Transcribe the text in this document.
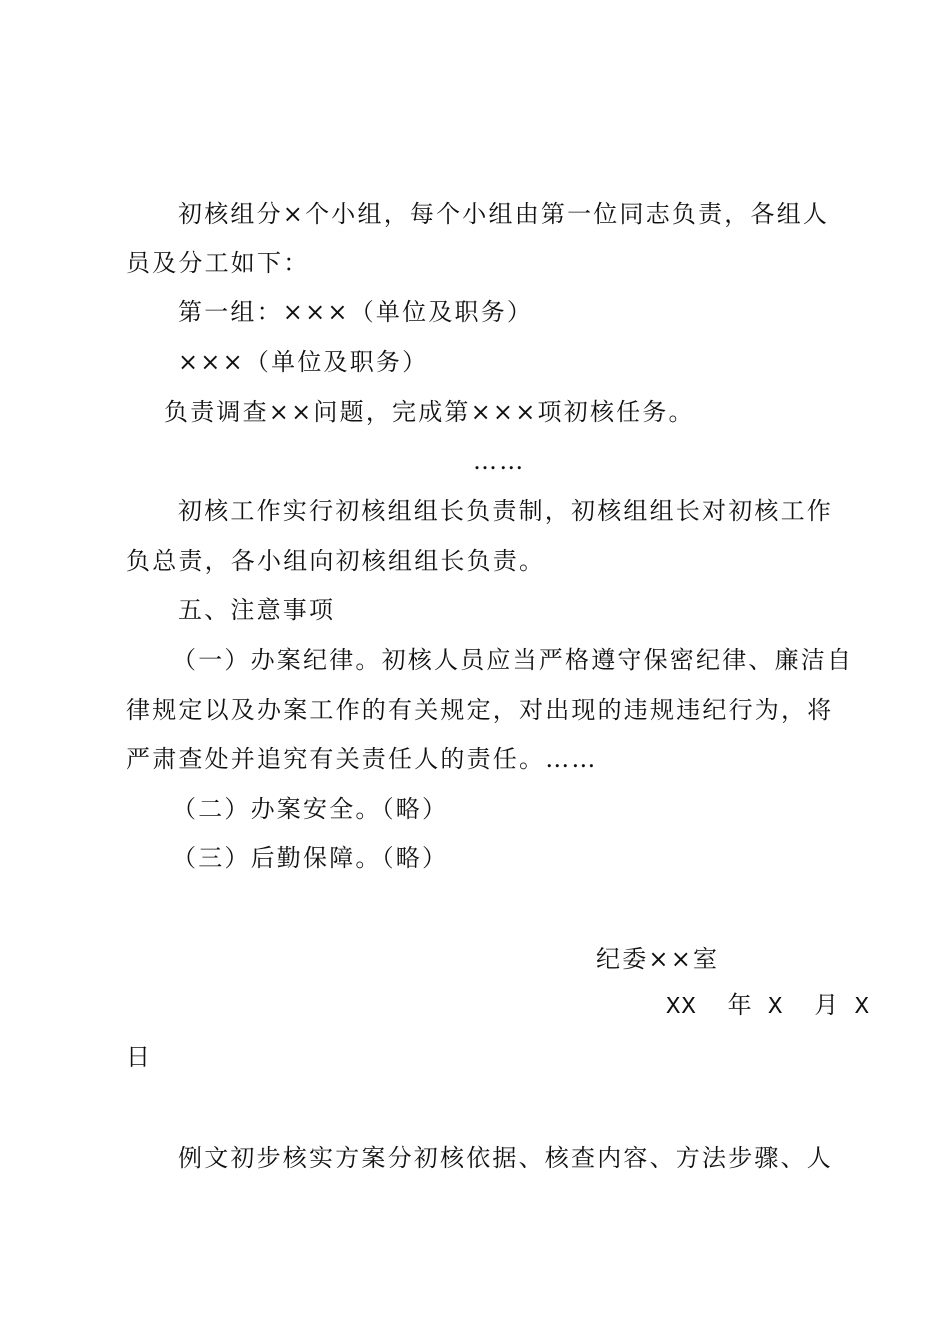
初核组分×个小组，每个小组由第一位同志负责，各组人
员及分工如下：
第一组：×××（单位及职务）
×××（单位及职务）
负责调查××问题，完成第×××项初核任务。
……
初核工作实行初核组组长负责制，初核组组长对初核工作
负总责，各小组向初核组组长负责。
五、注意事项
（一）办案纪律。初核人员应当严格遵守保密纪律、廉洁自
律规定以及办案工作的有关规定，对出现的违规违纪行为，将
严肃查处并追究有关责任人的责任。……
（二）办案安全。（略）
（三）后勤保障。（略）
纪委××室
XX  年 X  月 X
日
例文初步核实方案分初核依据、核查内容、方法步骤、人
